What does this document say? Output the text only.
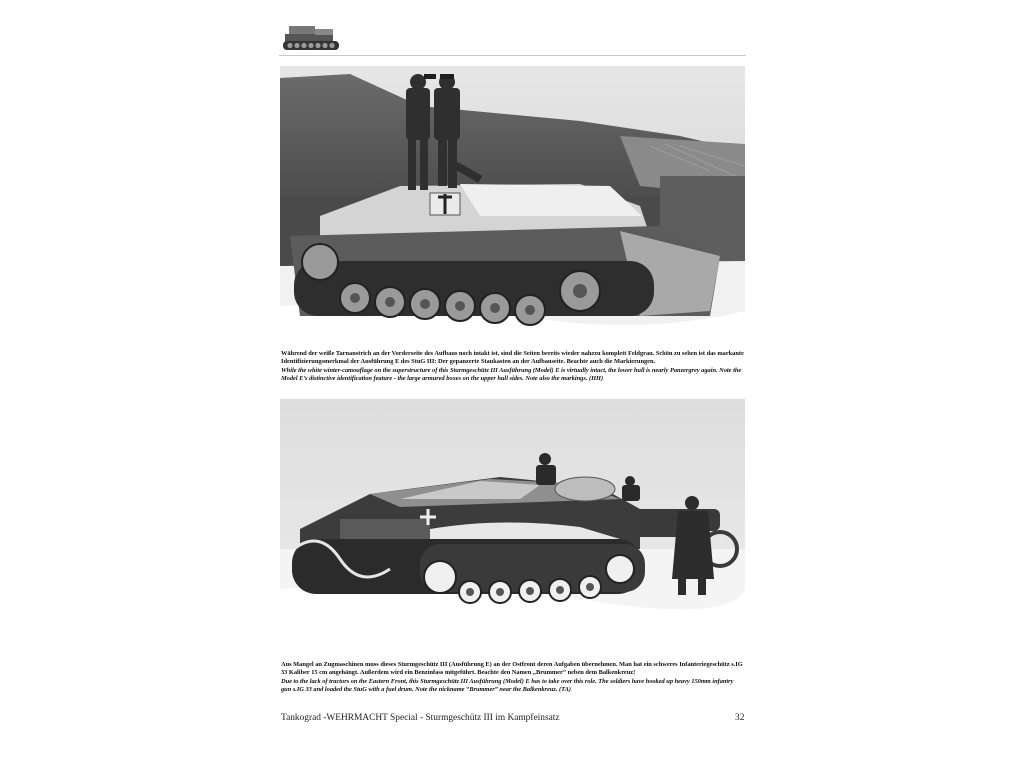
Während der weiße Tarnanstrich an der Vorderseite des Aufbaus noch intakt ist, sind die Seiten bereits wieder nahezu komplett Feldgrau. Schön zu sehen ist das markante Identifizierungsmerkmal der Ausführung E des StuG III: Der gepanzerte Staukasten an der Aufbauseite. Beachte auch die Markierungen.

While the white winter-camouflage on the superstructure of this Sturmgeschütz III Ausführung (Model) E is virtually intact, the lower hull is nearly Panzergrey again. Note the Model E’s distinctive identification feature - the large armured boxes on the upper hull sides. Note also the markings. (HH)

Aus Mangel an Zugmaschinen muss dieses Sturmgeschütz III (Ausführung E) an der Ostfront deren Aufgaben übernehmen. Man hat ein schweres Infanteriegeschütz s.IG 33 Kaliber 15 cm angehängt. Außerdem wird ein Benzinfass mitgeführt. Beachte den Namen „Brummer“ neben dem Balkenkreuz!

Due to the lack of tractors on the Eastern Front, this Sturmgeschütz III Ausführung (Model) E has to take over this role. The soldiers have hooked up heavy 150mm infantry gun s.IG 33 and loaded the StuG with a fuel drum. Note the nickname “Brummer” near the Balkenkreuz. (TA)

Tankograd -WEHRMACHT Special - Sturmgeschütz III im Kampfeinsatz	32
